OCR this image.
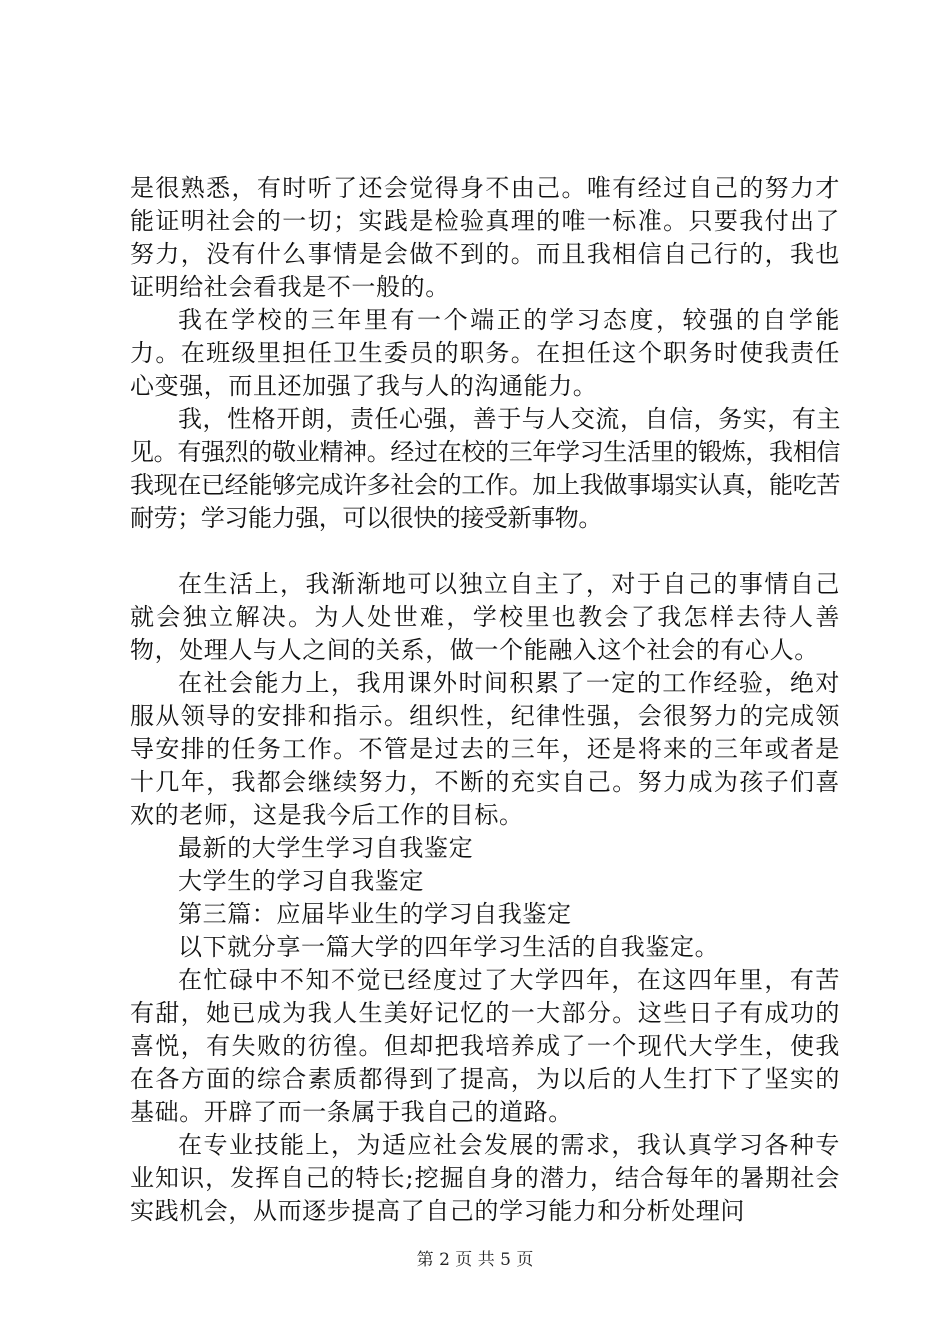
是很熟悉，有时听了还会觉得身不由己。唯有经过自己的努力才能证明社会的一切；实践是检验真理的唯一标准。只要我付出了努力，没有什么事情是会做不到的。而且我相信自己行的，我也证明给社会看我是不一般的。

我在学校的三年里有一个端正的学习态度，较强的自学能力。在班级里担任卫生委员的职务。在担任这个职务时使我责任心变强，而且还加强了我与人的沟通能力。

我，性格开朗，责任心强，善于与人交流，自信，务实，有主见。有强烈的敬业精神。经过在校的三年学习生活里的锻炼，我相信我现在已经能够完成许多社会的工作。加上我做事塌实认真，能吃苦耐劳；学习能力强，可以很快的接受新事物。

在生活上，我渐渐地可以独立自主了，对于自己的事情自己就会独立解决。为人处世难，学校里也教会了我怎样去待人善物，处理人与人之间的关系，做一个能融入这个社会的有心人。

在社会能力上，我用课外时间积累了一定的工作经验，绝对服从领导的安排和指示。组织性，纪律性强，会很努力的完成领导安排的任务工作。不管是过去的三年，还是将来的三年或者是十几年，我都会继续努力，不断的充实自己。努力成为孩子们喜欢的老师，这是我今后工作的目标。

最新的大学生学习自我鉴定

大学生的学习自我鉴定

第三篇：应届毕业生的学习自我鉴定

以下就分享一篇大学的四年学习生活的自我鉴定。

在忙碌中不知不觉已经度过了大学四年，在这四年里，有苦有甜，她已成为我人生美好记忆的一大部分。这些日子有成功的喜悦，有失败的彷徨。但却把我培养成了一个现代大学生，使我在各方面的综合素质都得到了提高，为以后的人生打下了坚实的基础。开辟了而一条属于我自己的道路。

在专业技能上，为适应社会发展的需求，我认真学习各种专业知识，发挥自己的特长;挖掘自身的潜力，结合每年的暑期社会实践机会，从而逐步提高了自己的学习能力和分析处理问

第 2 页 共 5 页
